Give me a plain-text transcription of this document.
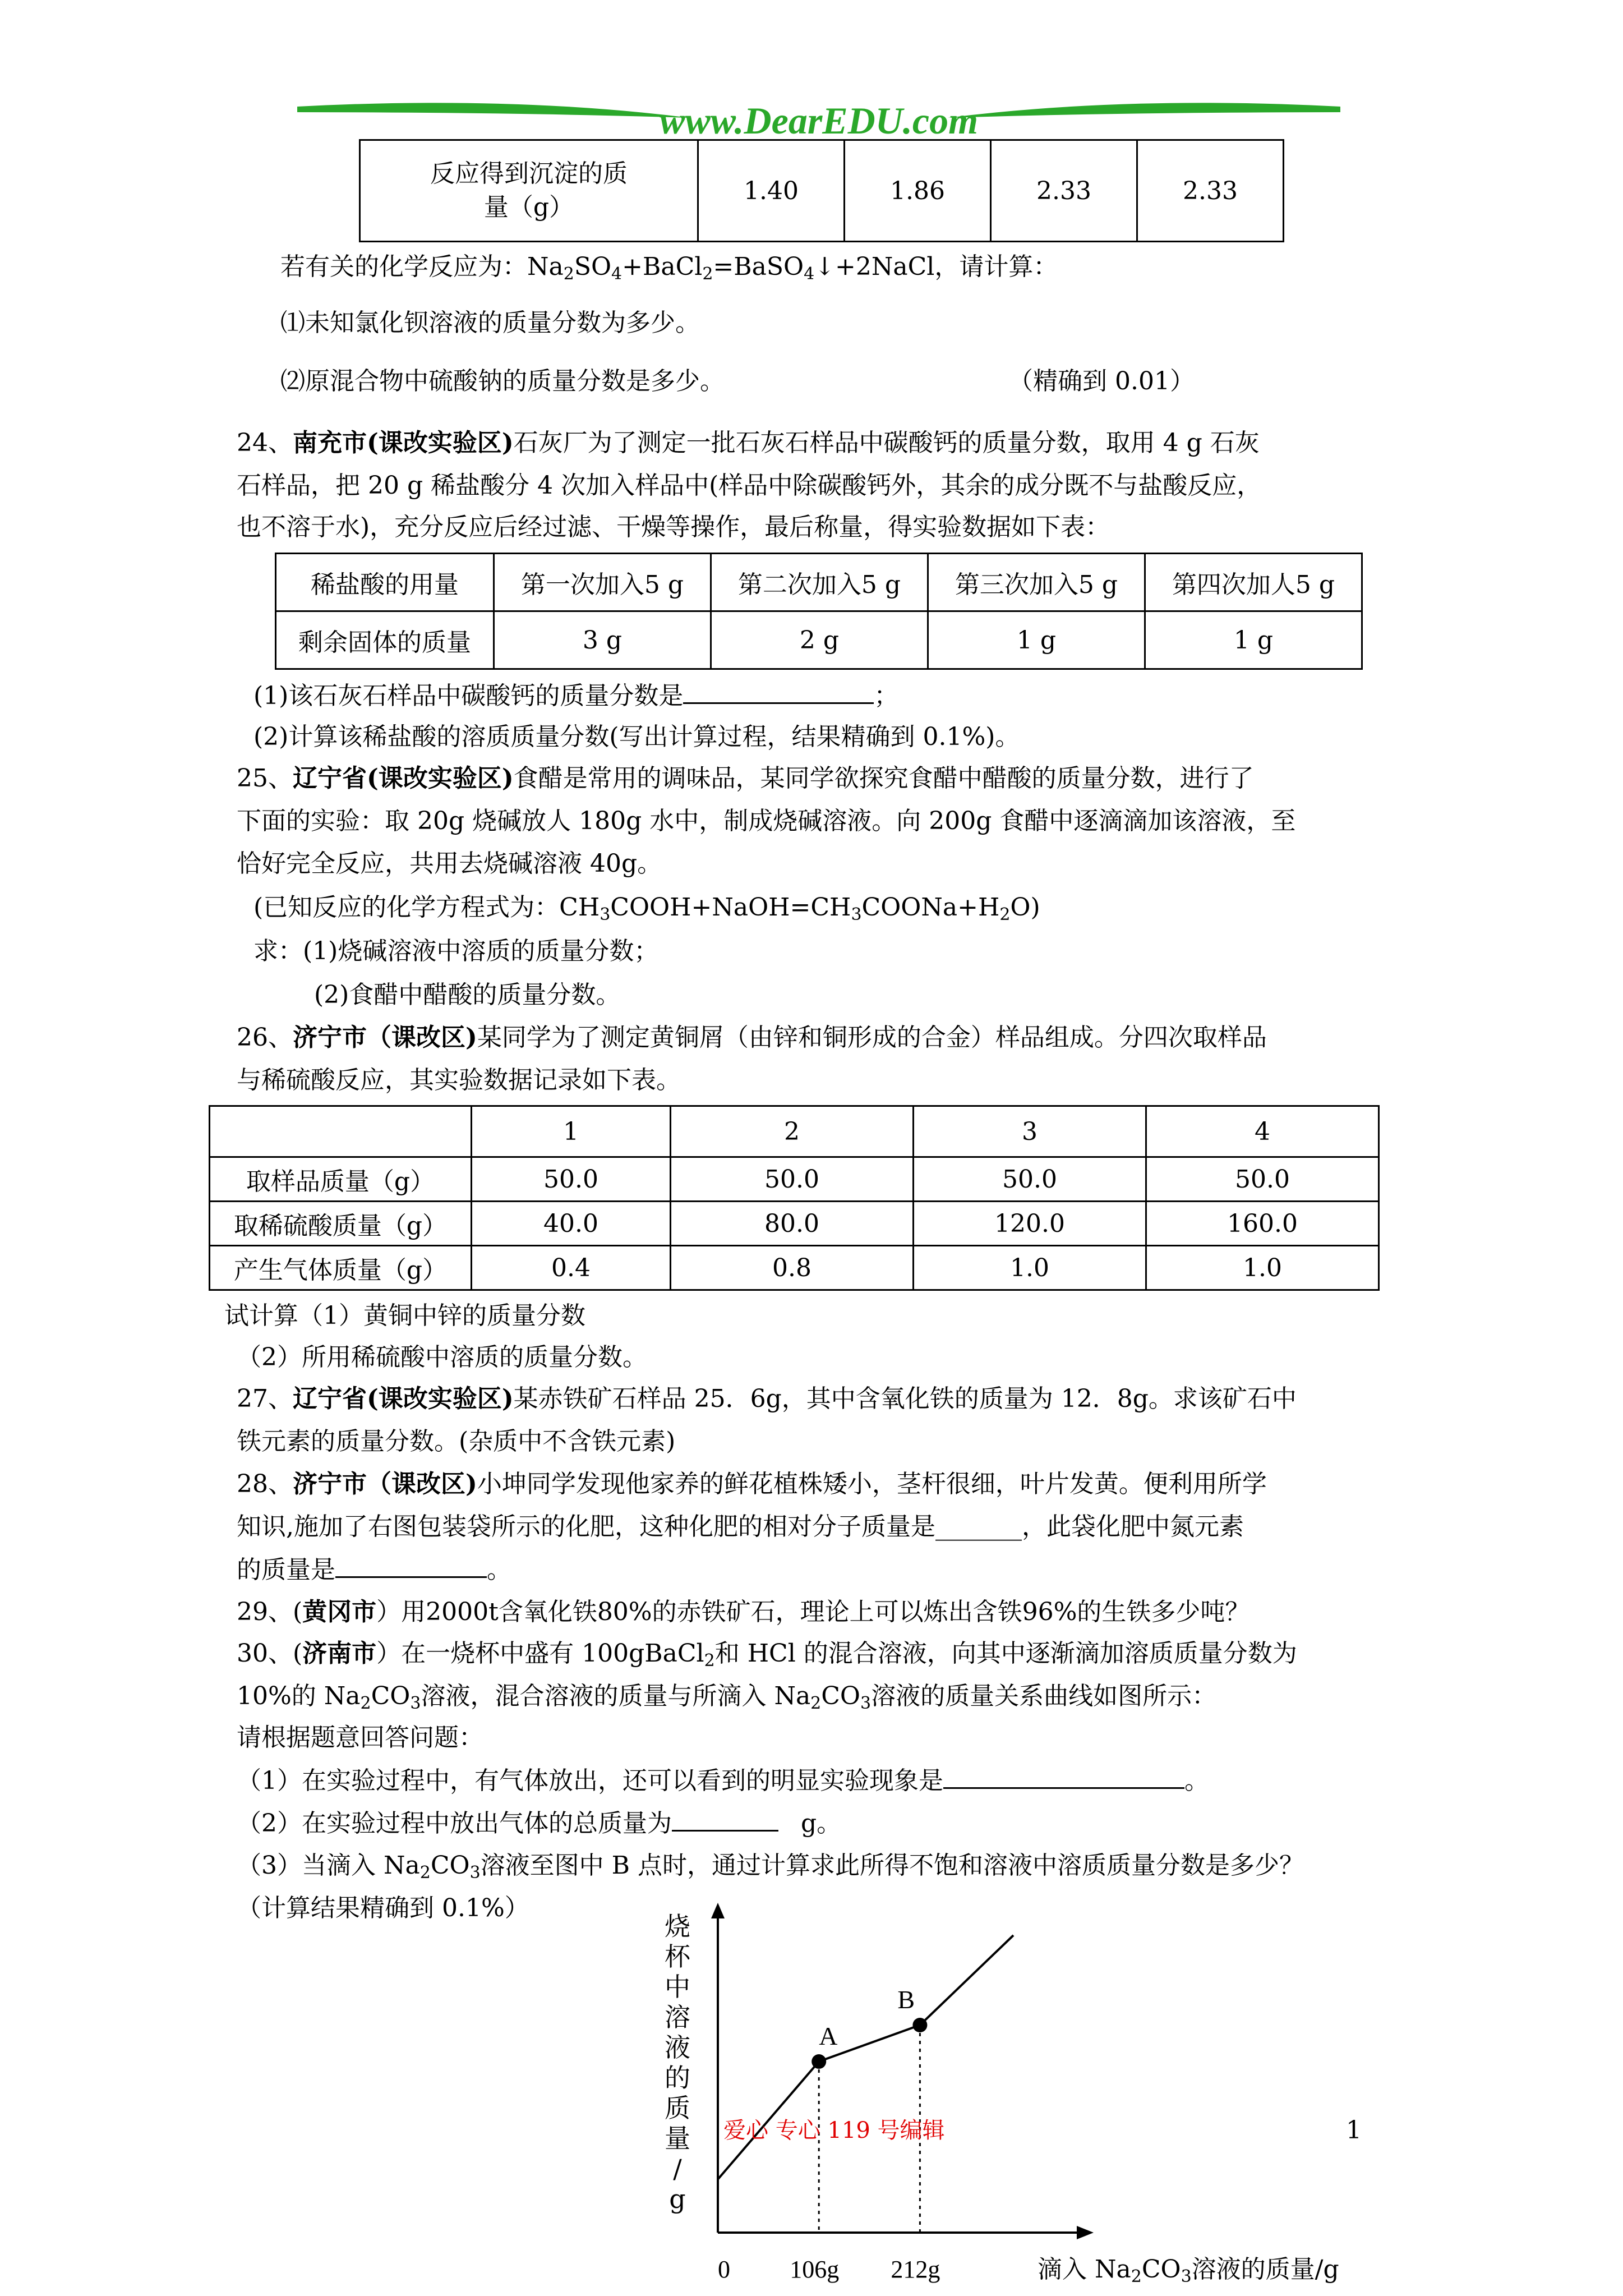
www.DearEDU.com
反应得到沉淀的质
量（g）	1.40	1.86	2.33	2.33
若有关的化学反应为：$Na_2SO_4+BaCl_2=BaSO_4↓+2NaCl$，请计算：
⑴未知氯化钡溶液的质量分数为多少。
⑵原混合物中硫酸钠的质量分数是多少。	（精确到 0.01）
24、南充市(课改实验区)石灰厂为了测定一批石灰石样品中碳酸钙的质量分数，取用 4 g 石灰
石样品，把 20 g 稀盐酸分 4 次加入样品中(样品中除碳酸钙外，其余的成分既不与盐酸反应，
也不溶于水)，充分反应后经过滤、干燥等操作，最后称量，得实验数据如下表：
稀盐酸的用量	第一次加入5 g	第二次加入5 g	第三次加入5 g	第四次加人5 g
剩余固体的质量	3 g	2 g	1 g	1 g
(1)该石灰石样品中碳酸钙的质量分数是	；
(2)计算该稀盐酸的溶质质量分数(写出计算过程，结果精确到 0.1%)。
25、辽宁省(课改实验区)食醋是常用的调味品，某同学欲探究食醋中醋酸的质量分数，进行了
下面的实验：取 20g 烧碱放人 180g 水中，制成烧碱溶液。向 200g 食醋中逐滴滴加该溶液，至
恰好完全反应，共用去烧碱溶液 40g。
(已知反应的化学方程式为：$CH_3COOH+NaOH=CH_3COONa+H_2O$)
求：(1)烧碱溶液中溶质的质量分数；
(2)食醋中醋酸的质量分数。
26、济宁市（课改区)某同学为了测定黄铜屑（由锌和铜形成的合金）样品组成。分四次取样品
与稀硫酸反应，其实验数据记录如下表。
	1	2	3	4
取样品质量（g）	50.0	50.0	50.0	50.0
取稀硫酸质量（g）	40.0	80.0	120.0	160.0
产生气体质量（g）	0.4	0.8	1.0	1.0
试计算（1）黄铜中锌的质量分数
（2）所用稀硫酸中溶质的质量分数。
27、辽宁省(课改实验区)某赤铁矿石样品 25．6g，其中含氧化铁的质量为 12．8g。求该矿石中
铁元素的质量分数。(杂质中不含铁元素)
28、济宁市（课改区)小坤同学发现他家养的鲜花植株矮小，茎杆很细，叶片发黄。便利用所学
知识,施加了右图包装袋所示的化肥，这种化肥的相对分子质量是_______，此袋化肥中氮元素
的质量是	。
29、(黄冈市）用2000t含氧化铁80%的赤铁矿石，理论上可以炼出含铁96%的生铁多少吨？
30、(济南市）在一烧杯中盛有 100gBaCl$_2$和 HCl 的混合溶液，向其中逐渐滴加溶质质量分数为
10%的 $Na_2CO_3$溶液，混合溶液的质量与所滴入 $Na_2CO_3$溶液的质量关系曲线如图所示：
请根据题意回答问题：
（1）在实验过程中，有气体放出，还可以看到的明显实验现象是	。
（2）在实验过程中放出气体的总质量为	g。
（3）当滴入 $Na_2CO_3$溶液至图中 B 点时，通过计算求此所得不饱和溶液中溶质质量分数是多少？
（计算结果精确到 0.1%）
A
B
0 106g 212g
烧
杯
中
溶
液
的
质
量
/
g
滴入 Na2CO3溶液的质量/g
爱心 专心 119 号编辑	1
